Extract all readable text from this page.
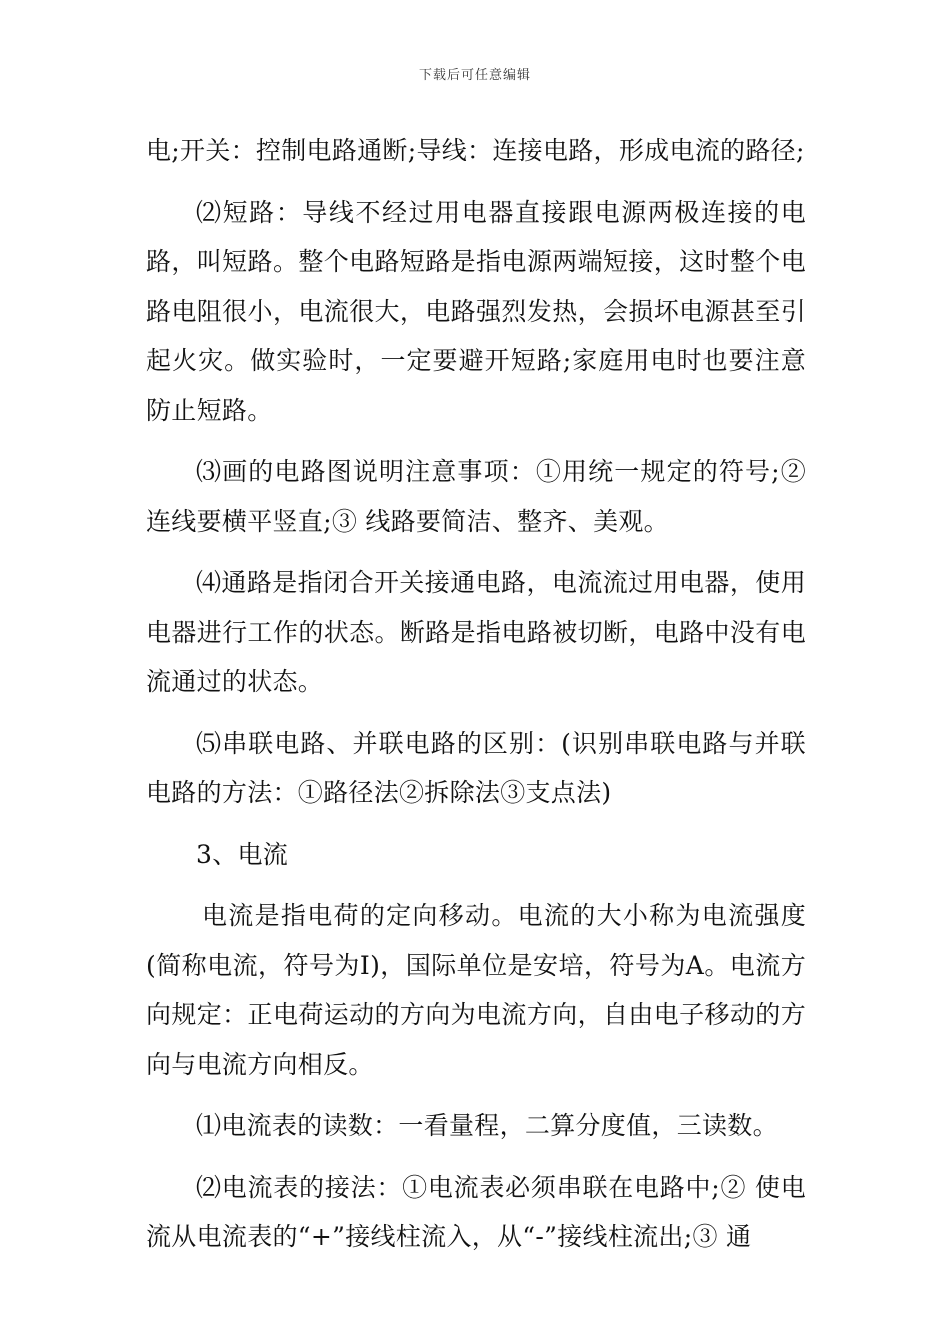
下载后可任意编辑

电;开关：控制电路通断;导线：连接电路，形成电流的路径;

⑵短路：导线不经过用电器直接跟电源两极连接的电路，叫短路。整个电路短路是指电源两端短接，这时整个电路电阻很小，电流很大，电路强烈发热，会损坏电源甚至引起火灾。做实验时，一定要避开短路;家庭用电时也要注意防止短路。

⑶画的电路图说明注意事项：①用统一规定的符号;②连线要横平竖直;③ 线路要简洁、整齐、美观。

⑷通路是指闭合开关接通电路，电流流过用电器，使用电器进行工作的状态。断路是指电路被切断，电路中没有电流通过的状态。

⑸串联电路、并联电路的区别：(识别串联电路与并联电路的方法：①路径法②拆除法③支点法)

3、电流

电流是指电荷的定向移动。电流的大小称为电流强度(简称电流，符号为I)，国际单位是安培，符号为A。电流方向规定：正电荷运动的方向为电流方向，自由电子移动的方向与电流方向相反。

⑴电流表的读数：一看量程，二算分度值，三读数。

⑵电流表的接法：①电流表必须串联在电路中;② 使电流从电流表的“+”接线柱流入，从“-”接线柱流出;③ 通
